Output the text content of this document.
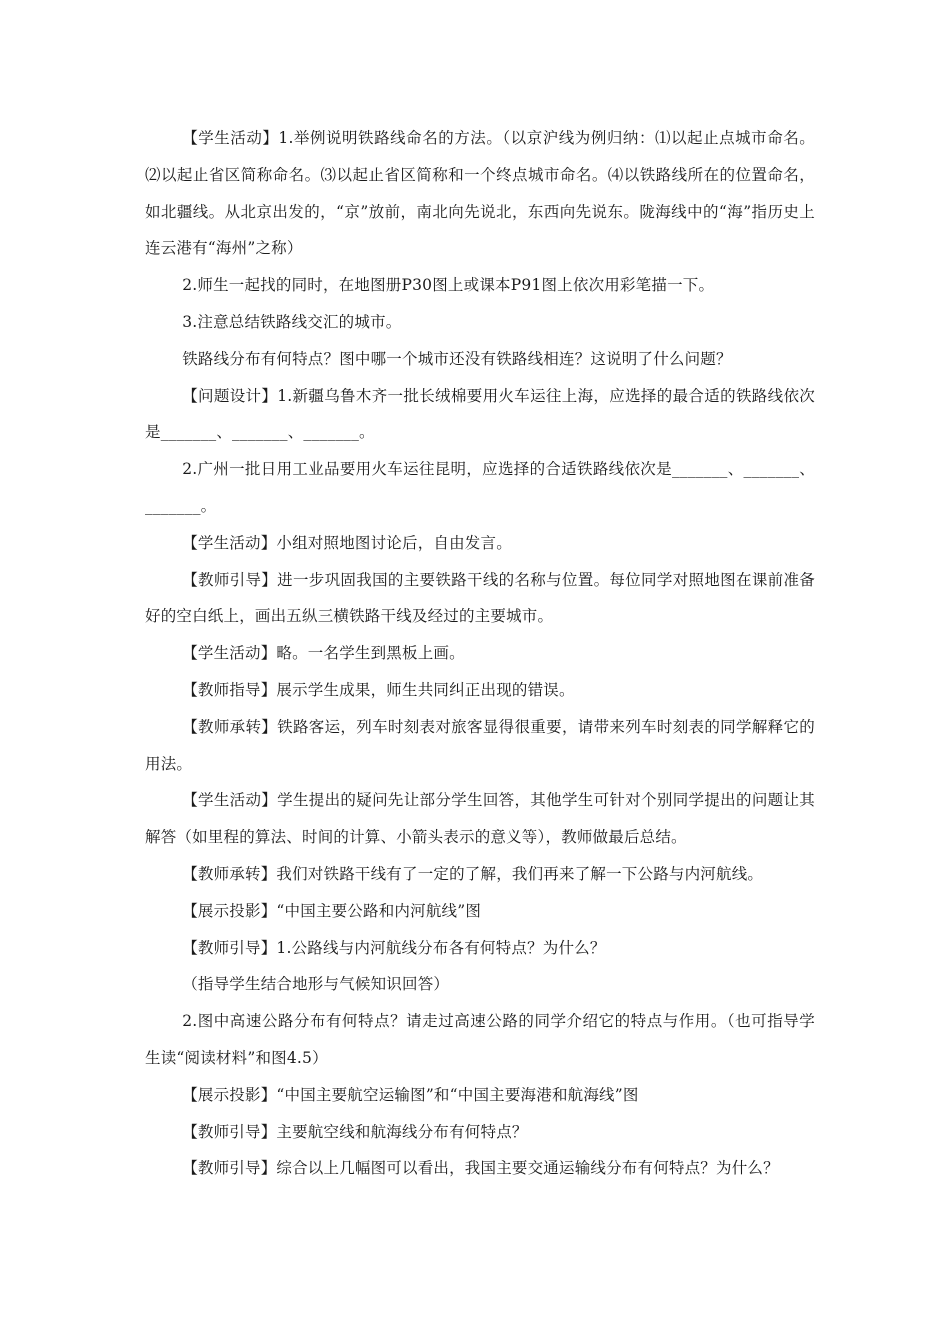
【学生活动】1.举例说明铁路线命名的方法。（以京沪线为例归纳：⑴以起止点城市命名。⑵以起止省区简称命名。⑶以起止省区简称和一个终点城市命名。⑷以铁路线所在的位置命名，如北疆线。从北京出发的，“京”放前，南北向先说北，东西向先说东。陇海线中的“海”指历史上连云港有“海州”之称）

2.师生一起找的同时，在地图册P30图上或课本P91图上依次用彩笔描一下。

3.注意总结铁路线交汇的城市。

铁路线分布有何特点？图中哪一个城市还没有铁路线相连？这说明了什么问题？

【问题设计】1.新疆乌鲁木齐一批长绒棉要用火车运往上海，应选择的最合适的铁路线依次是_______、_______、_______。

2.广州一批日用工业品要用火车运往昆明，应选择的合适铁路线依次是_______、_______、_______。

【学生活动】小组对照地图讨论后，自由发言。

【教师引导】进一步巩固我国的主要铁路干线的名称与位置。每位同学对照地图在课前准备好的空白纸上，画出五纵三横铁路干线及经过的主要城市。

【学生活动】略。一名学生到黑板上画。

【教师指导】展示学生成果，师生共同纠正出现的错误。

【教师承转】铁路客运，列车时刻表对旅客显得很重要，请带来列车时刻表的同学解释它的用法。

【学生活动】学生提出的疑问先让部分学生回答，其他学生可针对个别同学提出的问题让其解答（如里程的算法、时间的计算、小箭头表示的意义等），教师做最后总结。

【教师承转】我们对铁路干线有了一定的了解，我们再来了解一下公路与内河航线。

【展示投影】“中国主要公路和内河航线”图

【教师引导】1.公路线与内河航线分布各有何特点？为什么？

（指导学生结合地形与气候知识回答）

2.图中高速公路分布有何特点？请走过高速公路的同学介绍它的特点与作用。（也可指导学生读“阅读材料”和图4.5）

【展示投影】“中国主要航空运输图”和“中国主要海港和航海线”图

【教师引导】主要航空线和航海线分布有何特点？

【教师引导】综合以上几幅图可以看出，我国主要交通运输线分布有何特点？为什么？
